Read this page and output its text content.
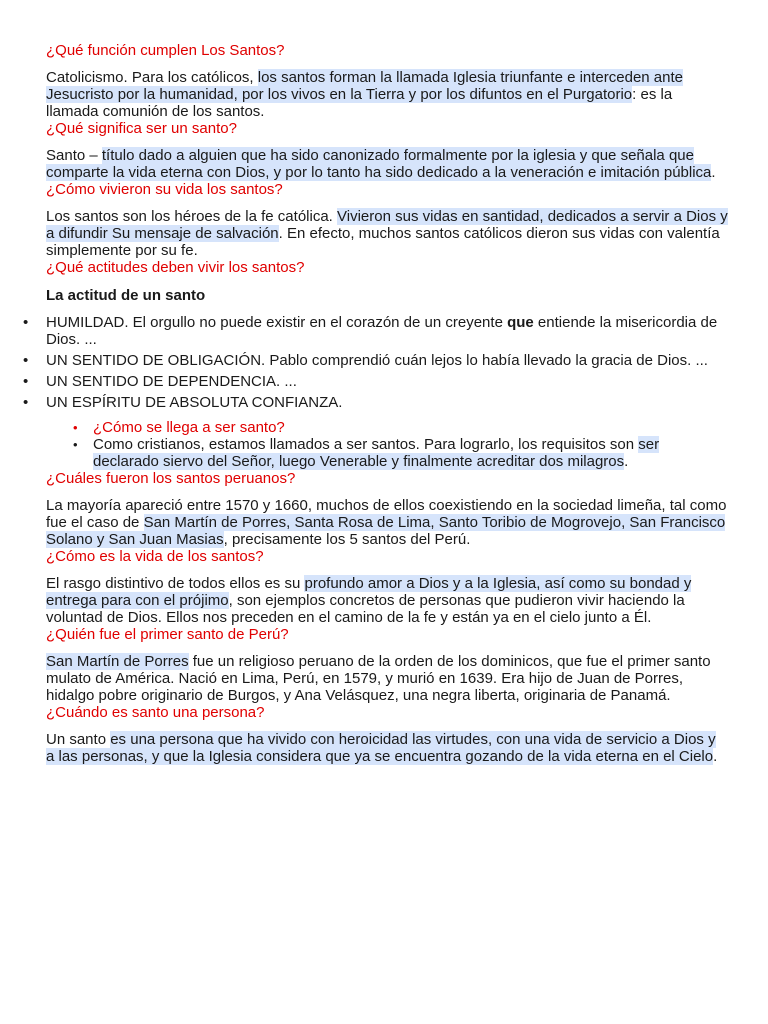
¿Qué función cumplen Los Santos?

Catolicismo. Para los católicos, los santos forman la llamada Iglesia triunfante e interceden ante Jesucristo por la humanidad, por los vivos en la Tierra y por los difuntos en el Purgatorio: es la llamada comunión de los santos.

¿Qué significa ser un santo?

Santo – título dado a alguien que ha sido canonizado formalmente por la iglesia y que señala que comparte la vida eterna con Dios, y por lo tanto ha sido dedicado a la veneración e imitación pública.

¿Cómo vivieron su vida los santos?

Los santos son los héroes de la fe católica. Vivieron sus vidas en santidad, dedicados a servir a Dios y a difundir Su mensaje de salvación. En efecto, muchos santos católicos dieron sus vidas con valentía simplemente por su fe.

¿Qué actitudes deben vivir los santos?

La actitud de un santo

• HUMILDAD. El orgullo no puede existir en el corazón de un creyente que entiende la misericordia de Dios. ...
• UN SENTIDO DE OBLIGACIÓN. Pablo comprendió cuán lejos lo había llevado la gracia de Dios. ...
• UN SENTIDO DE DEPENDENCIA. ...
• UN ESPÍRITU DE ABSOLUTA CONFIANZA.
• ¿Cómo se llega a ser santo?
• Como cristianos, estamos llamados a ser santos. Para lograrlo, los requisitos son ser declarado siervo del Señor, luego Venerable y finalmente acreditar dos milagros.

¿Cuáles fueron los santos peruanos?

La mayoría apareció entre 1570 y 1660, muchos de ellos coexistiendo en la sociedad limeña, tal como fue el caso de San Martín de Porres, Santa Rosa de Lima, Santo Toribio de Mogrovejo, San Francisco Solano y San Juan Masias, precisamente los 5 santos del Perú.

¿Cómo es la vida de los santos?

El rasgo distintivo de todos ellos es su profundo amor a Dios y a la Iglesia, así como su bondad y entrega para con el prójimo, son ejemplos concretos de personas que pudieron vivir haciendo la voluntad de Dios. Ellos nos preceden en el camino de la fe y están ya en el cielo junto a Él.

¿Quién fue el primer santo de Perú?

San Martín de Porres fue un religioso peruano de la orden de los dominicos, que fue el primer santo mulato de América. Nació en Lima, Perú, en 1579, y murió en 1639. Era hijo de Juan de Porres, hidalgo pobre originario de Burgos, y Ana Velásquez, una negra liberta, originaria de Panamá.

¿Cuándo es santo una persona?

Un santo es una persona que ha vivido con heroicidad las virtudes, con una vida de servicio a Dios y a las personas, y que la Iglesia considera que ya se encuentra gozando de la vida eterna en el Cielo.
